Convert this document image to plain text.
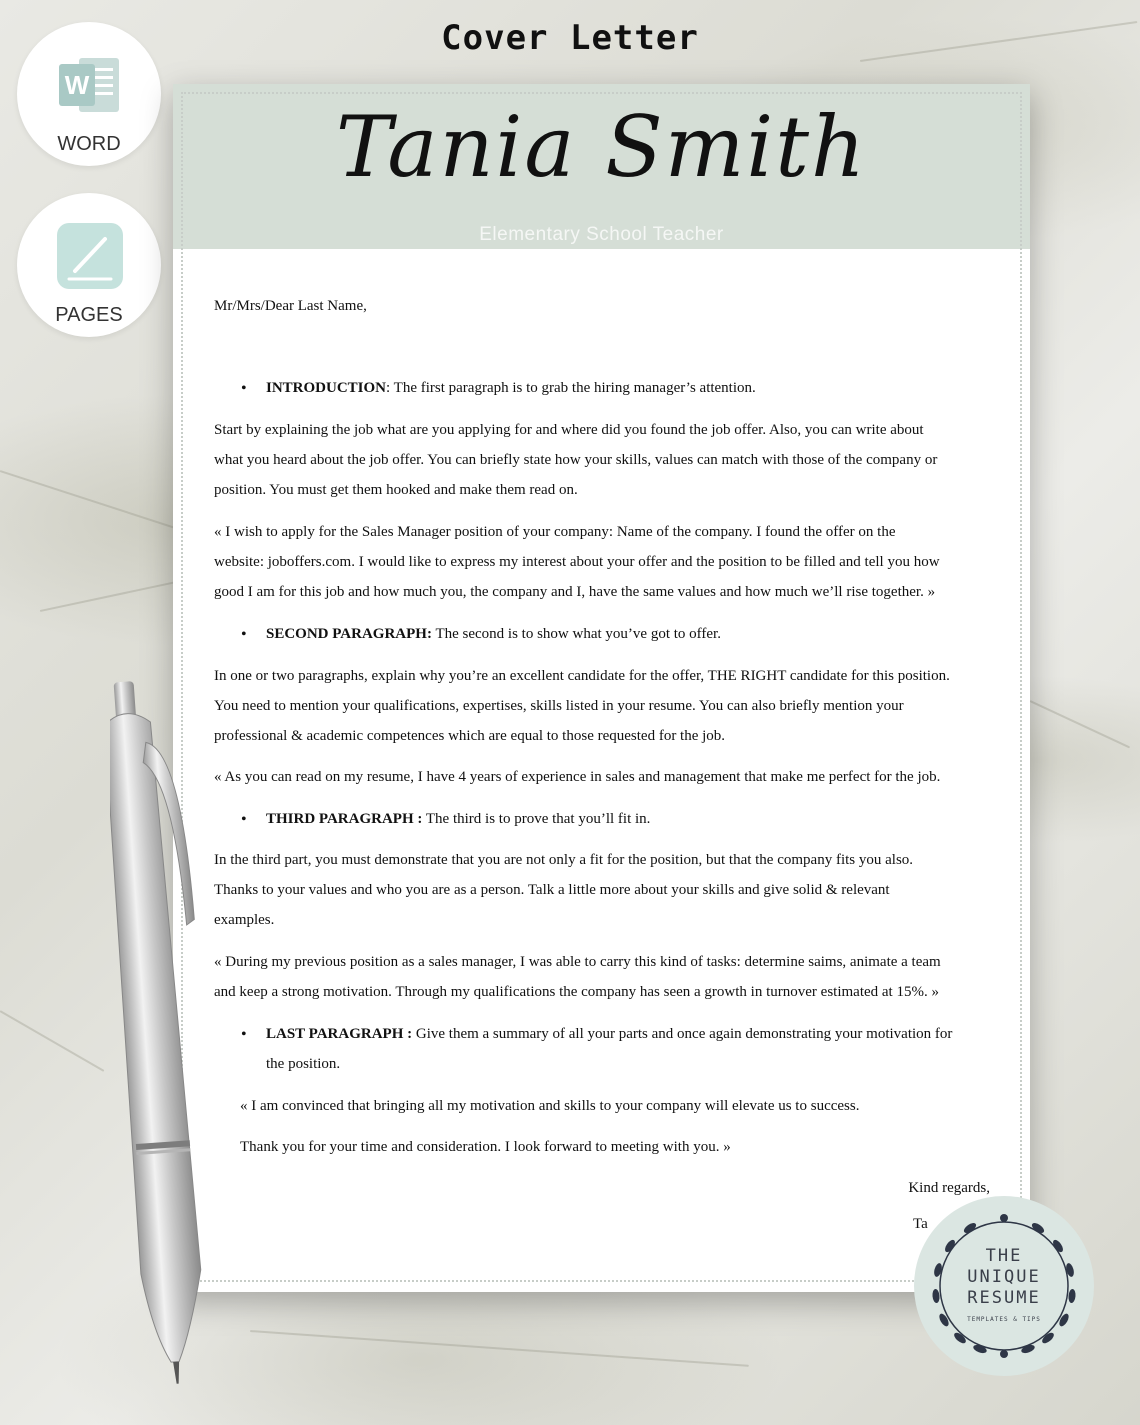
Cover Letter
W
WORD
PAGES
Tania Smith
Elementary School Teacher
Mr/Mrs/Dear Last Name,
• INTRODUCTION: The first paragraph is to grab the hiring manager’s attention.
Start by explaining the job what are you applying for and where did you found the job offer. Also, you can write about
what you heard about the job offer. You can briefly state how your skills, values can match with those of the company or
position. You must get them hooked and make them read on.
« I wish to apply for the Sales Manager position of your company: Name of the company. I found the offer on the
website: joboffers.com. I would like to express my interest about your offer and the position to be filled and tell you how
good I am for this job and how much you, the company and I, have the same values and how much we’ll rise together. »
• SECOND PARAGRAPH: The second is to show what you’ve got to offer.
In one or two paragraphs, explain why you’re an excellent candidate for the offer, THE RIGHT candidate for this position.
You need to mention your qualifications, expertises, skills listed in your resume. You can also briefly mention your
professional & academic competences which are equal to those requested for the job.
« As you can read on my resume, I have 4 years of experience in sales and management that make me perfect for the job.
• THIRD PARAGRAPH : The third is to prove that you’ll fit in.
In the third part, you must demonstrate that you are not only a fit for the position, but that the company fits you also.
Thanks to your values and who you are as a person. Talk a little more about your skills and give solid & relevant
examples.
« During my previous position as a sales manager, I was able to carry this kind of tasks: determine saims, animate a team
and keep a strong motivation. Through my qualifications the company has seen a growth in turnover estimated at 15%. »
• LAST PARAGRAPH : Give them a summary of all your parts and once again demonstrating your motivation for
the position.
« I am convinced that bringing all my motivation and skills to your company will elevate us to success.
Thank you for your time and consideration. I look forward to meeting with you. »
Kind regards,
Ta
THE
UNIQUE
RESUME
TEMPLATES & TIPS
